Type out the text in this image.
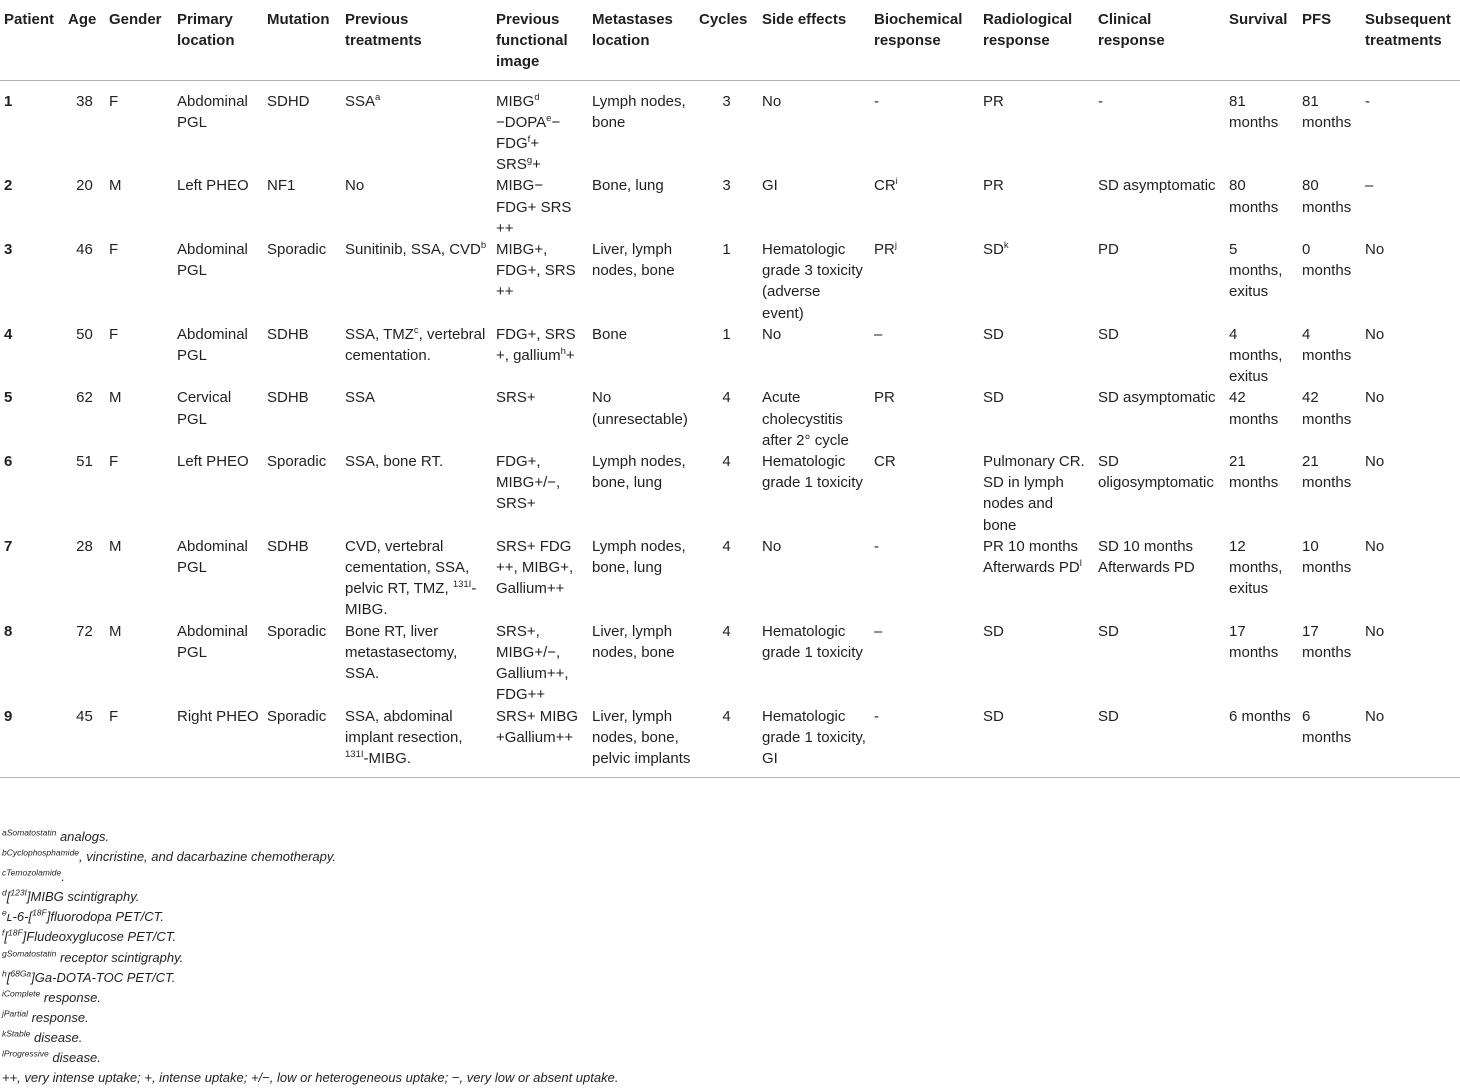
Patient	Age	Gender	Primary location	Mutation	Previous treatments	Previous functional image	Metastases location	Cycles	Side effects	Biochemical response	Radiological response	Clinical response	Survival	PFS	Subsequent treatments
1	38	F	Abdominal PGL	SDHD	SSA$^a$	$MIBG^d$ $-DOPA^e- FDG^f+ SRS^g+$	Lymph nodes, bone	3	No	-	PR	-	81 months	81 months	-
2	20	M	Left PHEO	NF1	No	MIBG− FDG+ SRS ++	Bone, lung	3	GI	$CR^i$	PR	SD asymptomatic	80 months	80 months	–
3	46	F	Abdominal PGL	Sporadic	Sunitinib, SSA, CVD$^b$	MIBG+, FDG+, SRS ++	Liver, lymph nodes, bone	1	Hematologic grade 3 toxicity (adverse event)	$PR^j$	$SD^k$	PD	5 months, exitus	0 months	No
4	50	F	Abdominal PGL	SDHB	SSA, TMZ$^c$, vertebral cementation.	FDG+, SRS +, gallium$^h$+	Bone	1	No	–	SD	SD	4 months, exitus	4 months	No
5	62	M	Cervical PGL	SDHB	SSA	SRS+	No (unresectable)	4	Acute cholecystitis after 2° cycle	PR	SD	SD asymptomatic	42 months	42 months	No
6	51	F	Left PHEO	Sporadic	SSA, bone RT.	FDG+, MIBG+/−, SRS+	Lymph nodes, bone, lung	4	Hematologic grade 1 toxicity	CR	Pulmonary CR. SD in lymph nodes and bone	SD oligosymptomatic	21 months	21 months	No
7	28	M	Abdominal PGL	SDHB	CVD, vertebral cementation, SSA, pelvic RT, TMZ, $^{131I}$-MIBG.	SRS+ FDG ++, MIBG+, Gallium++	Lymph nodes, bone, lung	4	No	-	PR 10 months Afterwards $PD^l$	SD 10 months Afterwards PD	12 months, exitus	10 months	No
8	72	M	Abdominal PGL	Sporadic	Bone RT, liver metastasectomy, SSA.	SRS+, MIBG+/−, Gallium++, FDG++	Liver, lymph nodes, bone	4	Hematologic grade 1 toxicity	–	SD	SD	17 months	17 months	No
9	45	F	Right PHEO	Sporadic	SSA, abdominal implant resection, $^{131I}$-MIBG.	SRS+ MIBG +Gallium++	Liver, lymph nodes, bone, pelvic implants	4	Hematologic grade 1 toxicity, GI	-	SD	SD	6 months	6 months	No
$^{aSomatostatin}$ analogs.
$^{bCyclophosphamide}$, vincristine, and dacarbazine chemotherapy.
$^{cTemozolamide}$.
$^d$[$^{123I}$]MIBG scintigraphy.
$^e$ʟ-6-[$^{18F}$]fluorodopa PET/CT.
$^f$[$^{18F}$]Fludeoxyglucose PET/CT.
$^{gSomatostatin}$ receptor scintigraphy.
$^h$[$^{68Ga}$]Ga-DOTA-TOC PET/CT.
$^{iComplete}$ response.
$^{jPartial}$ response.
$^{kStable}$ disease.
$^{lProgressive}$ disease.
++, very intense uptake; +, intense uptake; +/−, low or heterogeneous uptake; −, very low or absent uptake.
